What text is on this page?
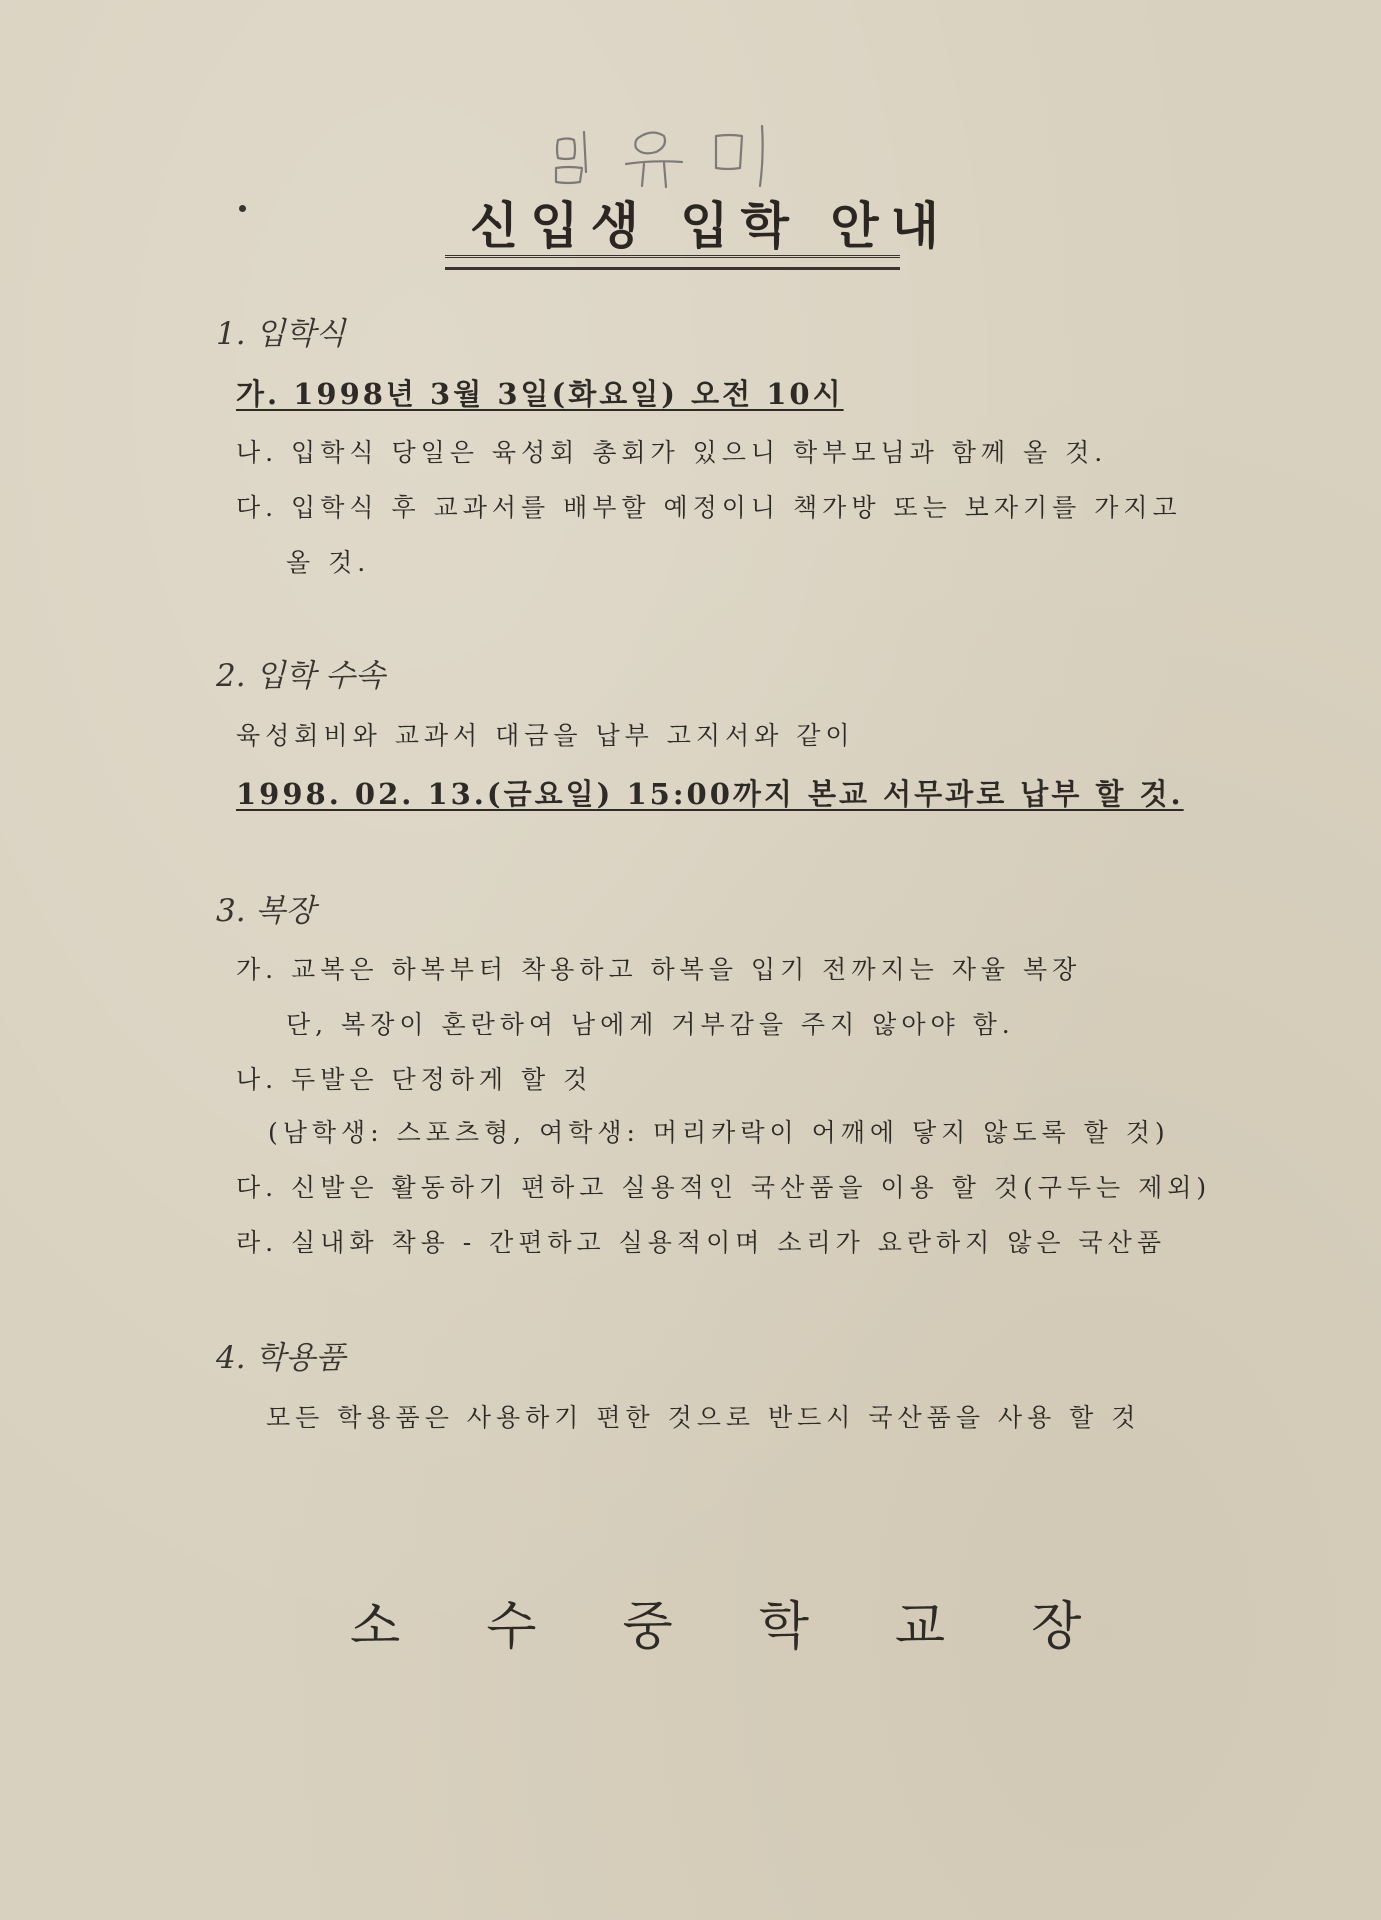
신입생 입학 안내
1. 입학식
가. 1998년 3월 3일(화요일) 오전 10시
나. 입학식 당일은 육성회 총회가 있으니 학부모님과 함께 올 것.
다. 입학식 후 교과서를 배부할 예정이니 책가방 또는 보자기를 가지고
올 것.
2. 입학 수속
육성회비와 교과서 대금을 납부 고지서와 같이
1998. 02. 13.(금요일) 15:00까지 본교 서무과로 납부 할 것.
3. 복장
가. 교복은 하복부터 착용하고 하복을 입기 전까지는 자율 복장
단, 복장이 혼란하여 남에게 거부감을 주지 않아야 함.
나. 두발은 단정하게 할 것
(남학생: 스포츠형, 여학생: 머리카락이 어깨에 닿지 않도록 할 것)
다. 신발은 활동하기 편하고 실용적인 국산품을 이용 할 것(구두는 제외)
라. 실내화 착용 - 간편하고 실용적이며 소리가 요란하지 않은 국산품
4. 학용품
모든 학용품은 사용하기 편한 것으로 반드시 국산품을 사용 할 것
소수중학교장
